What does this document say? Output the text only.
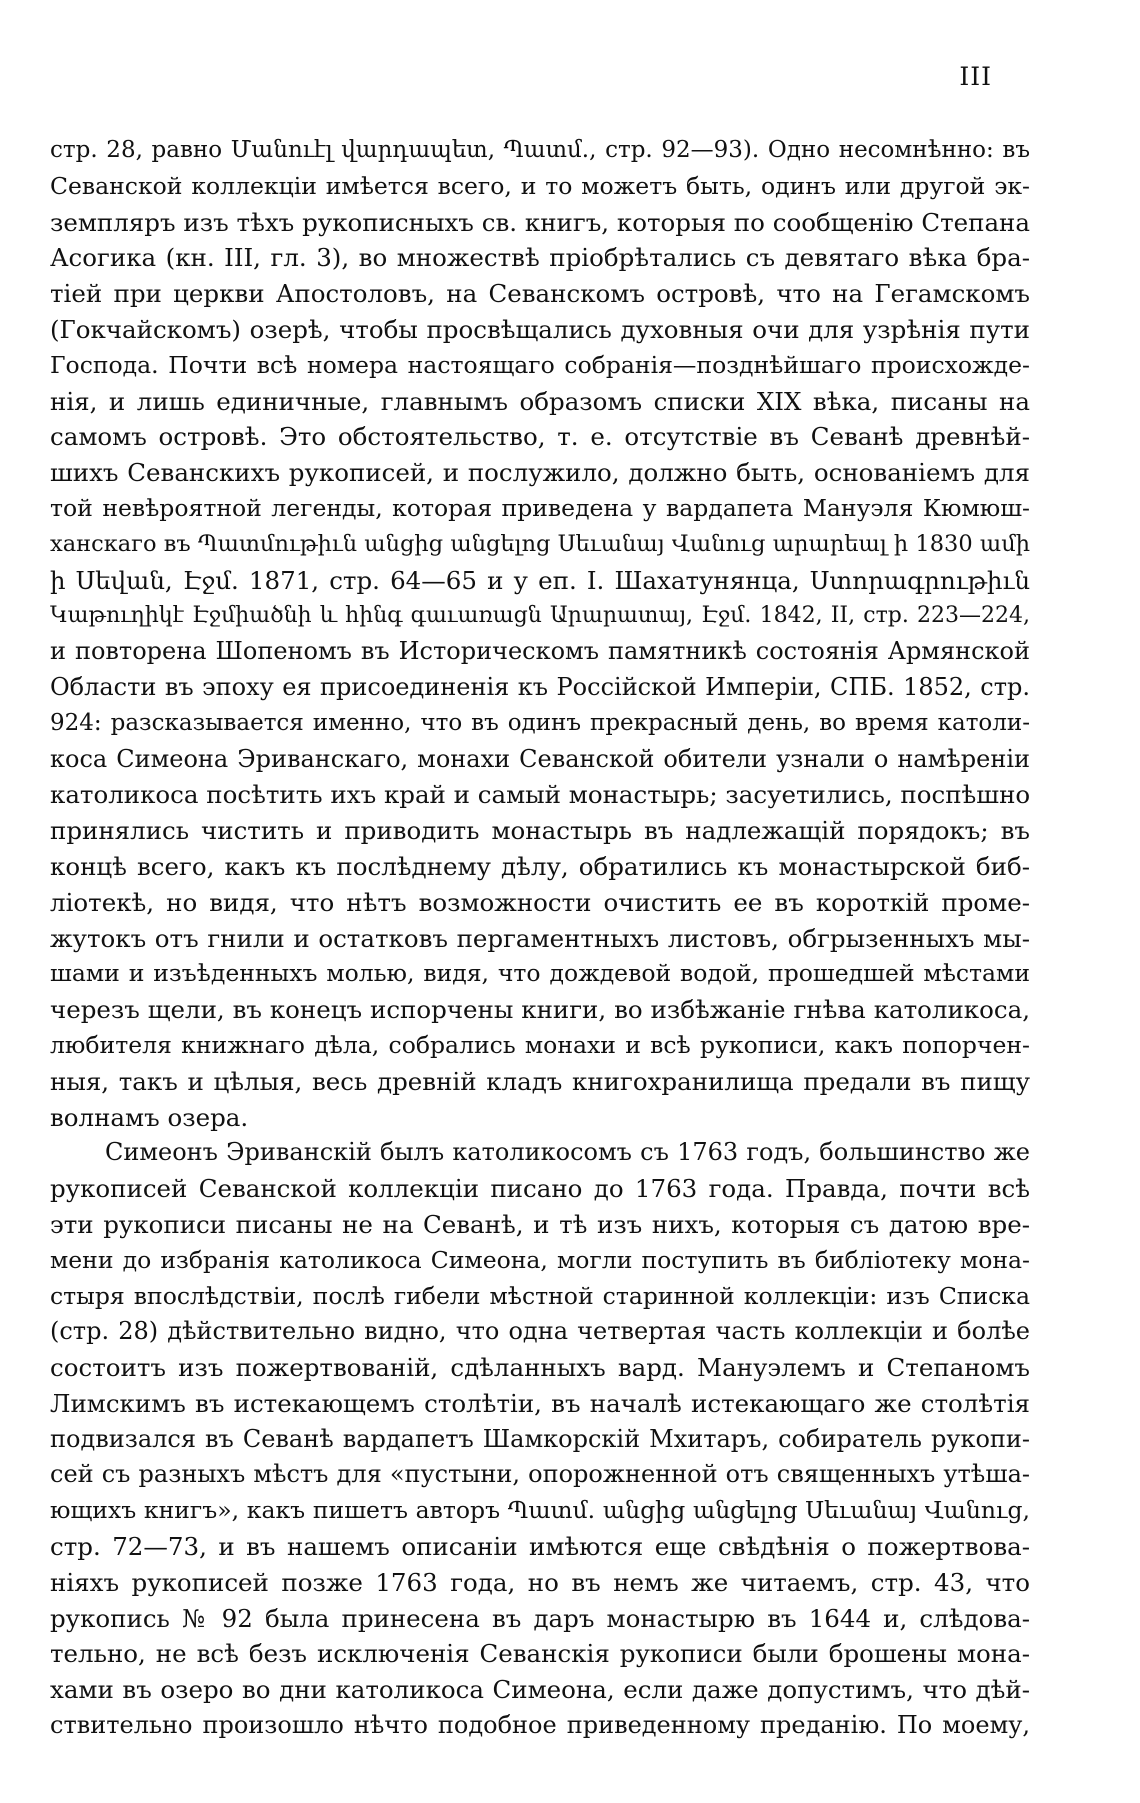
III
стр. 28, равно Մանուէլ վարդապետ, Պատմ., стр. 92—93). Одно несомнѣнно: въ
Севанской коллекціи имѣется всего, и то можетъ быть, одинъ или другой эк-
земпляръ изъ тѣхъ рукописныхъ св. книгъ, которыя по сообщенію Степана
Асогика (кн. III, гл. 3), во множествѣ пріобрѣтались съ девятаго вѣка бра-
тіей при церкви Апостоловъ, на Севанскомъ островѣ, что на Гегамскомъ
(Гокчайскомъ) озерѣ, чтобы просвѣщались духовныя очи для узрѣнія пути
Господа. Почти всѣ номера настоящаго собранія—позднѣйшаго происхожде-
нія, и лишь единичные, главнымъ образомъ списки XIX вѣка, писаны на
самомъ островѣ. Это обстоятельство, т. е. отсутствіе въ Севанѣ древнѣй-
шихъ Севанскихъ рукописей, и послужило, должно быть, основаніемъ для
той невѣроятной легенды, которая приведена у вардапета Мануэля Кюмюш-
ханскаго въ Պատմութիւն անցից անցելոց Սեւանայ Վանուց արարեալ ի 1830 ամի
ի Սեվան, Էջմ. 1871, стр. 64—65 и у еп. I. Шахатунянца, Ստորագրութիւն
Կաթուղիկէ Էջմիածնի և հինգ գաւառացն Արարատայ, Էջմ. 1842, II, стр. 223—224,
и повторена Шопеномъ въ Историческомъ памятникѣ состоянія Армянской
Области въ эпоху ея присоединенія къ Россійской Имперіи, СПБ. 1852, стр.
924: разсказывается именно, что въ одинъ прекрасный день, во время католи-
коса Симеона Эриванскаго, монахи Севанской обители узнали о намѣреніи
католикоса посѣтить ихъ край и самый монастырь; засуетились, поспѣшно
принялись чистить и приводить монастырь въ надлежащій порядокъ; въ
концѣ всего, какъ къ послѣднему дѣлу, обратились къ монастырской биб-
ліотекѣ, но видя, что нѣтъ возможности очистить ее въ короткій проме-
жутокъ отъ гнили и остатковъ пергаментныхъ листовъ, обгрызенныхъ мы-
шами и изъѣденныхъ молью, видя, что дождевой водой, прошедшей мѣстами
черезъ щели, въ конецъ испорчены книги, во избѣжаніе гнѣва католикоса,
любителя книжнаго дѣла, собрались монахи и всѣ рукописи, какъ попорчен-
ныя, такъ и цѣлыя, весь древній кладъ книгохранилища предали въ пищу
волнамъ озера.
Симеонъ Эриванскій былъ католикосомъ съ 1763 годъ, большинство же
рукописей Севанской коллекціи писано до 1763 года. Правда, почти всѣ
эти рукописи писаны не на Севанѣ, и тѣ изъ нихъ, которыя съ датою вре-
мени до избранія католикоса Симеона, могли поступить въ библіотеку мона-
стыря впослѣдствіи, послѣ гибели мѣстной старинной коллекціи: изъ Списка
(стр. 28) дѣйствительно видно, что одна четвертая часть коллекціи и болѣе
состоитъ изъ пожертвованій, сдѣланныхъ вард. Мануэлемъ и Степаномъ
Лимскимъ въ истекающемъ столѣтіи, въ началѣ истекающаго же столѣтія
подвизался въ Севанѣ вардапетъ Шамкорскій Мхитаръ, собиратель рукопи-
сей съ разныхъ мѣстъ для «пустыни, опорожненной отъ священныхъ утѣша-
ющихъ книгъ», какъ пишетъ авторъ Պատմ. անցից անցելոց Սեւանայ Վանուց,
стр. 72—73, и въ нашемъ описаніи имѣются еще свѣдѣнія о пожертвова-
ніяхъ рукописей позже 1763 года, но въ немъ же читаемъ, стр. 43, что
рукопись № 92 была принесена въ даръ монастырю въ 1644 и, слѣдова-
тельно, не всѣ безъ исключенія Севанскія рукописи были брошены мона-
хами въ озеро во дни католикоса Симеона, если даже допустимъ, что дѣй-
ствительно произошло нѣчто подобное приведенному преданію. По моему,
